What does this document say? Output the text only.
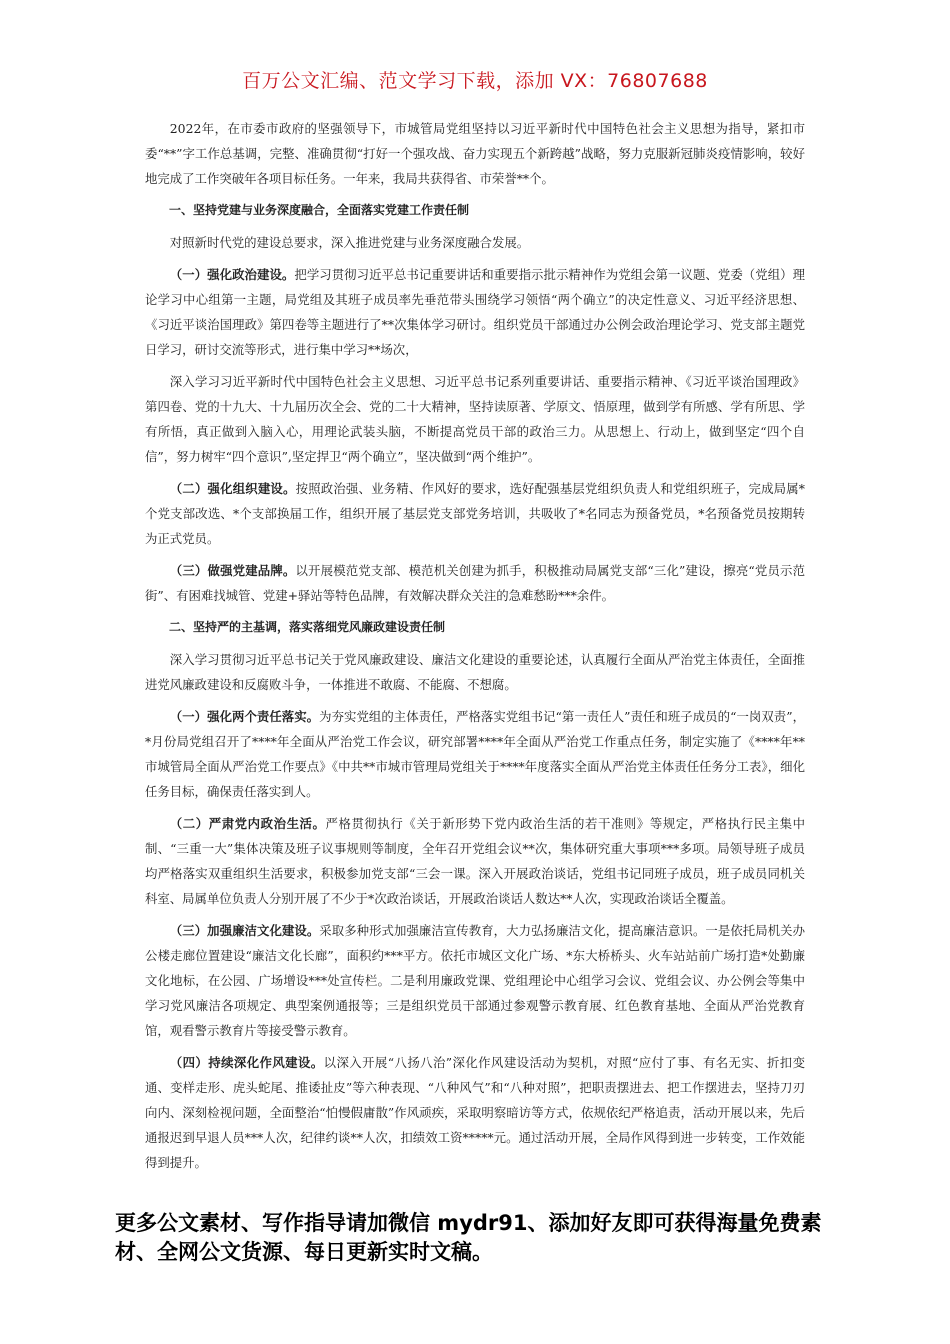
百万公文汇编、范文学习下载，添加 VX：76807688

2022年，在市委市政府的坚强领导下，市城管局党组坚持以习近平新时代中国特色社会主义思想为指导，紧扣市委“**”字工作总基调，完整、准确贯彻“打好一个强攻战、奋力实现五个新跨越”战略，努力克服新冠肺炎疫情影响，较好地完成了工作突破年各项目标任务。一年来，我局共获得省、市荣誉**个。

一、坚持党建与业务深度融合，全面落实党建工作责任制

对照新时代党的建设总要求，深入推进党建与业务深度融合发展。

（一）强化政治建设。把学习贯彻习近平总书记重要讲话和重要指示批示精神作为党组会第一议题、党委（党组）理论学习中心组第一主题，局党组及其班子成员率先垂范带头围绕学习领悟“两个确立”的决定性意义、习近平经济思想、《习近平谈治国理政》第四卷等主题进行了**次集体学习研讨。组织党员干部通过办公例会政治理论学习、党支部主题党日学习，研讨交流等形式，进行集中学习**场次，

深入学习习近平新时代中国特色社会主义思想、习近平总书记系列重要讲话、重要指示精神、《习近平谈治国理政》第四卷、党的十九大、十九届历次全会、党的二十大精神，坚持读原著、学原文、悟原理，做到学有所感、学有所思、学有所悟，真正做到入脑入心，用理论武装头脑，不断提高党员干部的政治三力。从思想上、行动上，做到坚定“四个自信”，努力树牢“四个意识”,坚定捍卫“两个确立”，坚决做到“两个维护”。

（二）强化组织建设。按照政治强、业务精、作风好的要求，选好配强基层党组织负责人和党组织班子，完成局属*个党支部改选、*个支部换届工作，组织开展了基层党支部党务培训，共吸收了*名同志为预备党员，*名预备党员按期转为正式党员。

（三）做强党建品牌。以开展模范党支部、模范机关创建为抓手，积极推动局属党支部“三化”建设，擦亮“党员示范街”、有困难找城管、党建+驿站等特色品牌，有效解决群众关注的急难愁盼***余件。

二、坚持严的主基调，落实落细党风廉政建设责任制

深入学习贯彻习近平总书记关于党风廉政建设、廉洁文化建设的重要论述，认真履行全面从严治党主体责任，全面推进党风廉政建设和反腐败斗争，一体推进不敢腐、不能腐、不想腐。

（一）强化两个责任落实。为夯实党组的主体责任，严格落实党组书记“第一责任人”责任和班子成员的“一岗双责”，*月份局党组召开了****年全面从严治党工作会议，研究部署****年全面从严治党工作重点任务，制定实施了《****年**市城管局全面从严治党工作要点》《中共**市城市管理局党组关于****年度落实全面从严治党主体责任任务分工表》，细化任务目标，确保责任落实到人。

（二）严肃党内政治生活。严格贯彻执行《关于新形势下党内政治生活的若干准则》等规定，严格执行民主集中制、“三重一大”集体决策及班子议事规则等制度，全年召开党组会议**次，集体研究重大事项***多项。局领导班子成员均严格落实双重组织生活要求，积极参加党支部“三会一课。深入开展政治谈话，党组书记同班子成员，班子成员同机关科室、局属单位负责人分别开展了不少于*次政治谈话，开展政治谈话人数达**人次，实现政治谈话全覆盖。

（三）加强廉洁文化建设。采取多种形式加强廉洁宣传教育，大力弘扬廉洁文化，提高廉洁意识。一是依托局机关办公楼走廊位置建设“廉洁文化长廊”，面积约***平方。依托市城区文化广场、*东大桥桥头、火车站站前广场打造*处勤廉文化地标，在公园、广场增设***处宣传栏。二是利用廉政党课、党组理论中心组学习会议、党组会议、办公例会等集中学习党风廉洁各项规定、典型案例通报等；三是组织党员干部通过参观警示教育展、红色教育基地、全面从严治党教育馆，观看警示教育片等接受警示教育。

（四）持续深化作风建设。以深入开展“八扬八治”深化作风建设活动为契机，对照“应付了事、有名无实、折扣变通、变样走形、虎头蛇尾、推诿扯皮”等六种表现、“八种风气”和“八种对照”，把职责摆进去、把工作摆进去，坚持刀刃向内、深刻检视问题，全面整治“怕慢假庸散”作风顽疾，采取明察暗访等方式，依规依纪严格追责，活动开展以来，先后通报迟到早退人员***人次，纪律约谈**人次，扣绩效工资*****元。通过活动开展，全局作风得到进一步转变，工作效能得到提升。

更多公文素材、写作指导请加微信 mydr91、添加好友即可获得海量免费素材、全网公文货源、每日更新实时文稿。
